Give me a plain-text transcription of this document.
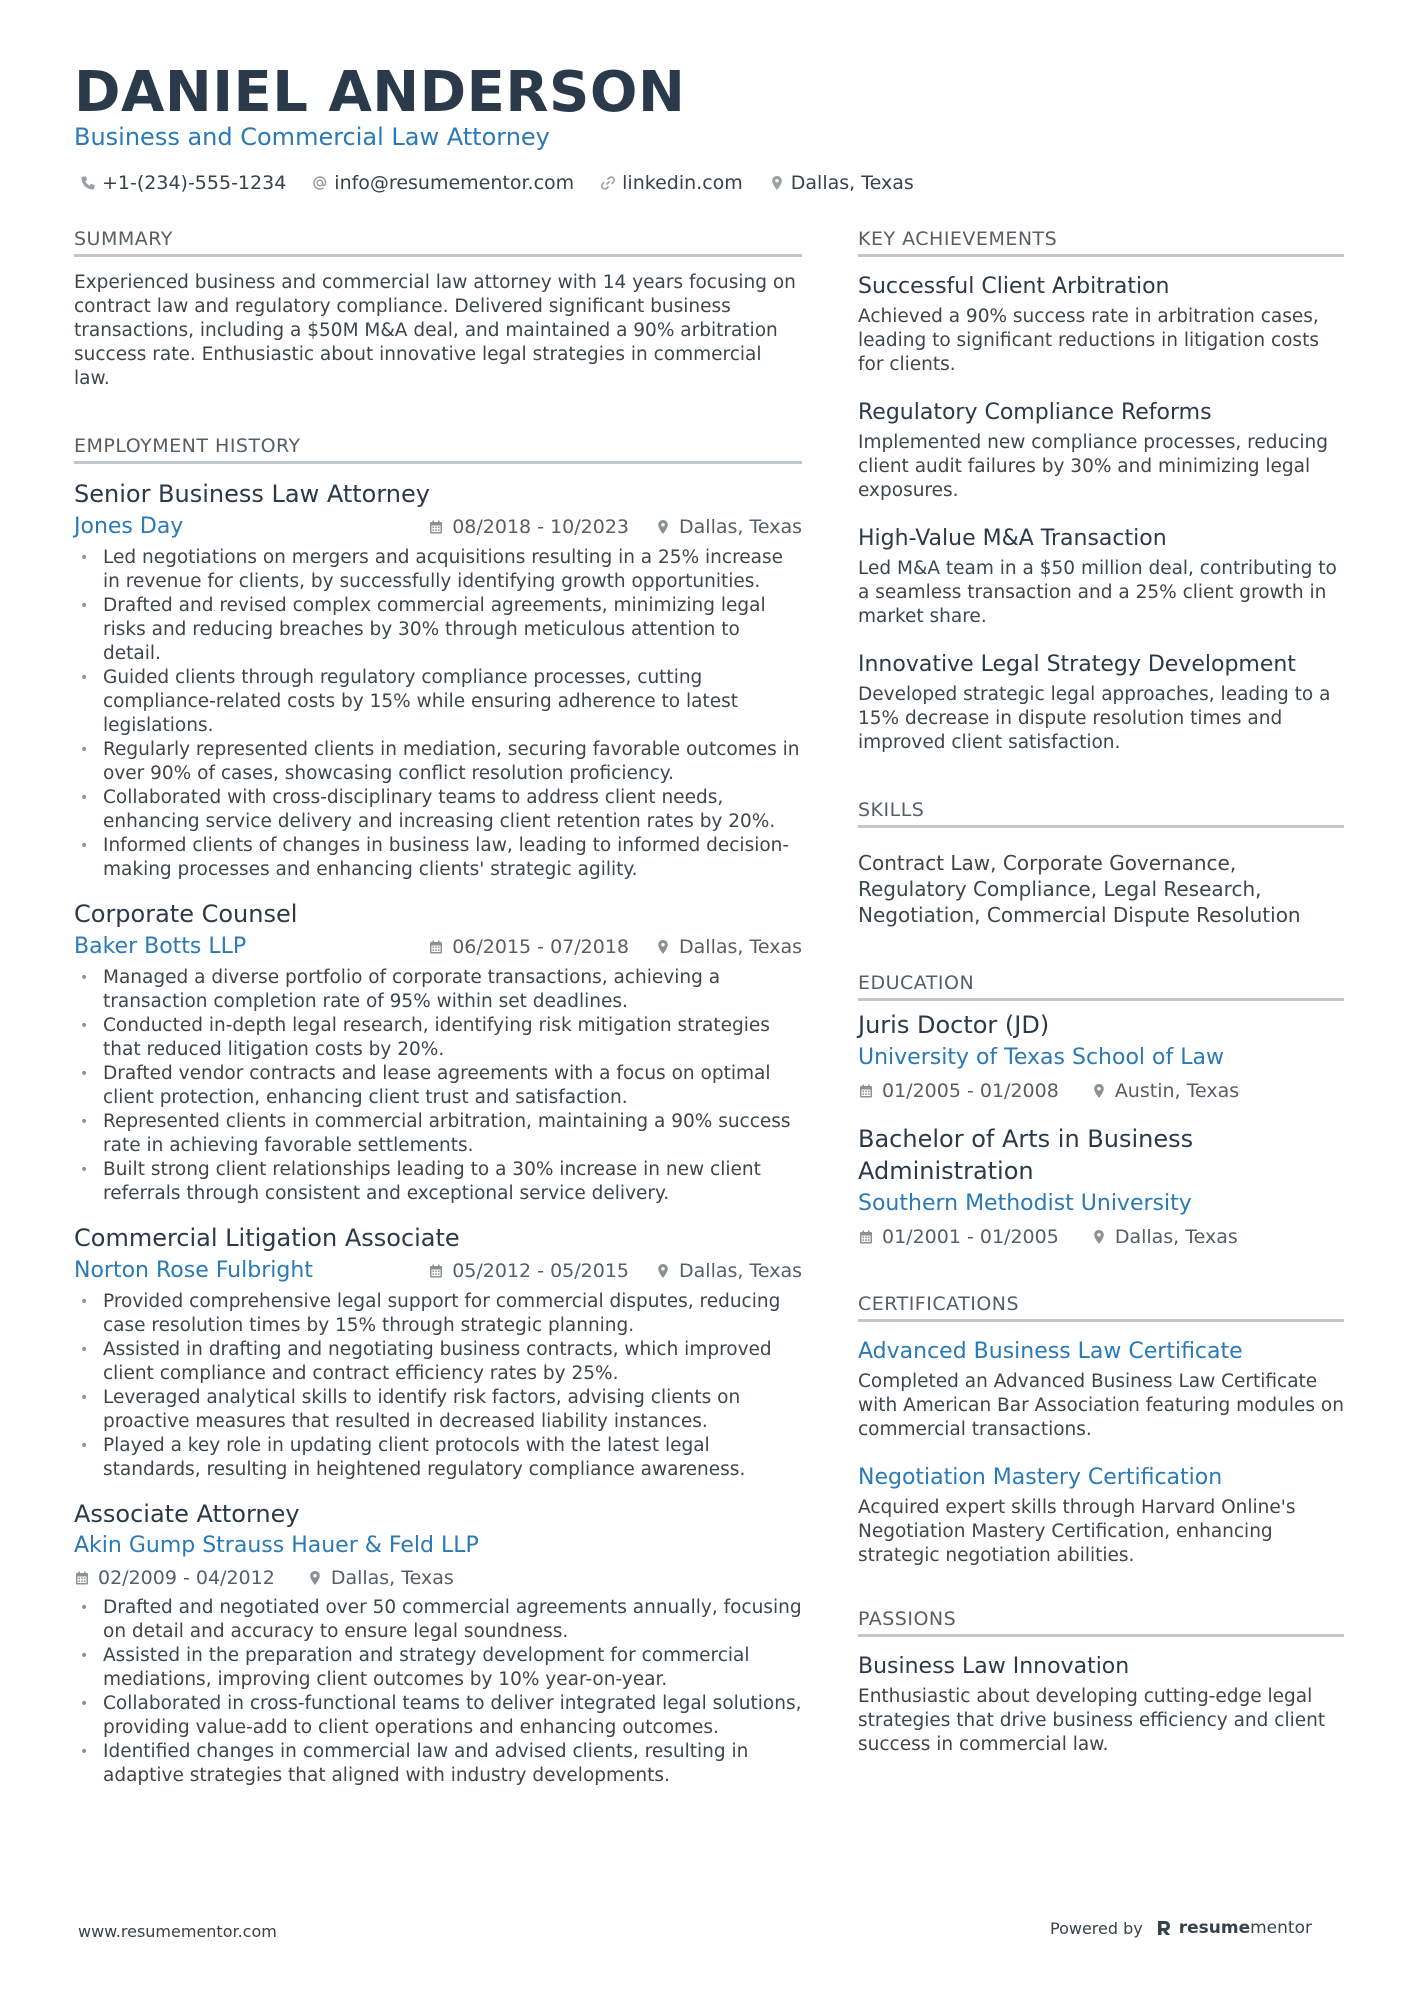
DANIEL ANDERSON
Business and Commercial Law Attorney
+1-(234)-555-1234	info@resumementor.com	linkedin.com	Dallas, Texas
SUMMARY
Experienced business and commercial law attorney with 14 years focusing on contract law and regulatory compliance. Delivered significant business transactions, including a $50M M&A deal, and maintained a 90% arbitration success rate. Enthusiastic about innovative legal strategies in commercial law.
EMPLOYMENT HISTORY
Senior Business Law Attorney
Jones Day	08/2018 - 10/2023	Dallas, Texas
• Led negotiations on mergers and acquisitions resulting in a 25% increase in revenue for clients, by successfully identifying growth opportunities.
• Drafted and revised complex commercial agreements, minimizing legal risks and reducing breaches by 30% through meticulous attention to detail.
• Guided clients through regulatory compliance processes, cutting compliance-related costs by 15% while ensuring adherence to latest legislations.
• Regularly represented clients in mediation, securing favorable outcomes in over 90% of cases, showcasing conflict resolution proficiency.
• Collaborated with cross-disciplinary teams to address client needs, enhancing service delivery and increasing client retention rates by 20%.
• Informed clients of changes in business law, leading to informed decision-making processes and enhancing clients' strategic agility.
Corporate Counsel
Baker Botts LLP	06/2015 - 07/2018	Dallas, Texas
• Managed a diverse portfolio of corporate transactions, achieving a transaction completion rate of 95% within set deadlines.
• Conducted in-depth legal research, identifying risk mitigation strategies that reduced litigation costs by 20%.
• Drafted vendor contracts and lease agreements with a focus on optimal client protection, enhancing client trust and satisfaction.
• Represented clients in commercial arbitration, maintaining a 90% success rate in achieving favorable settlements.
• Built strong client relationships leading to a 30% increase in new client referrals through consistent and exceptional service delivery.
Commercial Litigation Associate
Norton Rose Fulbright	05/2012 - 05/2015	Dallas, Texas
• Provided comprehensive legal support for commercial disputes, reducing case resolution times by 15% through strategic planning.
• Assisted in drafting and negotiating business contracts, which improved client compliance and contract efficiency rates by 25%.
• Leveraged analytical skills to identify risk factors, advising clients on proactive measures that resulted in decreased liability instances.
• Played a key role in updating client protocols with the latest legal standards, resulting in heightened regulatory compliance awareness.
Associate Attorney
Akin Gump Strauss Hauer & Feld LLP
02/2009 - 04/2012	Dallas, Texas
• Drafted and negotiated over 50 commercial agreements annually, focusing on detail and accuracy to ensure legal soundness.
• Assisted in the preparation and strategy development for commercial mediations, improving client outcomes by 10% year-on-year.
• Collaborated in cross-functional teams to deliver integrated legal solutions, providing value-add to client operations and enhancing outcomes.
• Identified changes in commercial law and advised clients, resulting in adaptive strategies that aligned with industry developments.
KEY ACHIEVEMENTS
Successful Client Arbitration
Achieved a 90% success rate in arbitration cases, leading to significant reductions in litigation costs for clients.
Regulatory Compliance Reforms
Implemented new compliance processes, reducing client audit failures by 30% and minimizing legal exposures.
High-Value M&A Transaction
Led M&A team in a $50 million deal, contributing to a seamless transaction and a 25% client growth in market share.
Innovative Legal Strategy Development
Developed strategic legal approaches, leading to a 15% decrease in dispute resolution times and improved client satisfaction.
SKILLS
Contract Law, Corporate Governance, Regulatory Compliance, Legal Research, Negotiation, Commercial Dispute Resolution
EDUCATION
Juris Doctor (JD)
University of Texas School of Law
01/2005 - 01/2008	Austin, Texas
Bachelor of Arts in Business Administration
Southern Methodist University
01/2001 - 01/2005	Dallas, Texas
CERTIFICATIONS
Advanced Business Law Certificate
Completed an Advanced Business Law Certificate with American Bar Association featuring modules on commercial transactions.
Negotiation Mastery Certification
Acquired expert skills through Harvard Online's Negotiation Mastery Certification, enhancing strategic negotiation abilities.
PASSIONS
Business Law Innovation
Enthusiastic about developing cutting-edge legal strategies that drive business efficiency and client success in commercial law.
www.resumementor.com	Powered by resumementor
